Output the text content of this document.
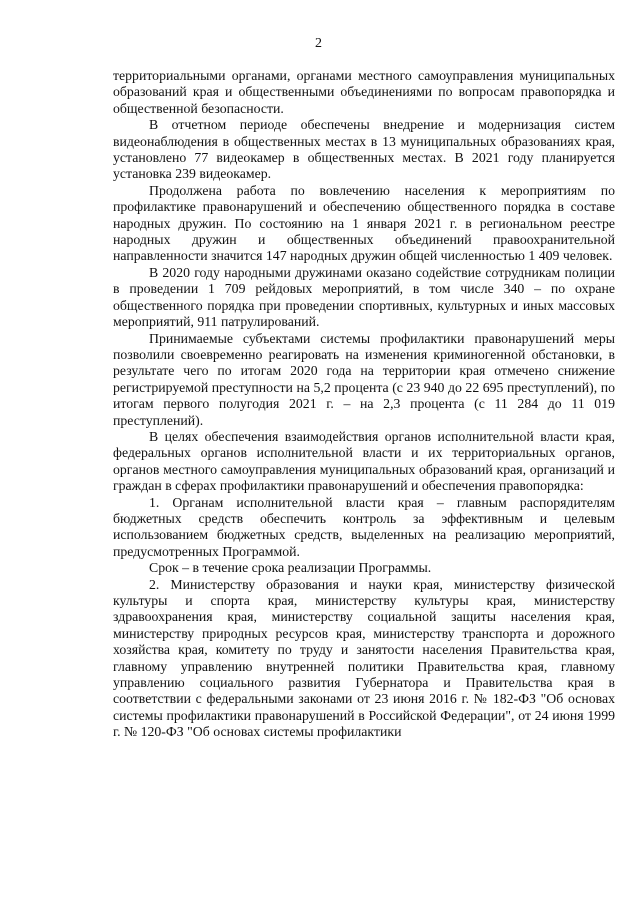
2

территориальными органами, органами местного самоуправления муниципальных образований края и общественными объединениями по вопросам правопорядка и общественной безопасности.

В отчетном периоде обеспечены внедрение и модернизация систем видеонаблюдения в общественных местах в 13 муниципальных образованиях края, установлено 77 видеокамер в общественных местах. В 2021 году планируется установка 239 видеокамер.

Продолжена работа по вовлечению населения к мероприятиям по профилактике правонарушений и обеспечению общественного порядка в составе народных дружин. По состоянию на 1 января 2021 г. в региональном реестре народных дружин и общественных объединений правоохранительной направленности значится 147 народных дружин общей численностью 1 409 человек.

В 2020 году народными дружинами оказано содействие сотрудникам полиции в проведении 1 709 рейдовых мероприятий, в том числе 340 – по охране общественного порядка при проведении спортивных, культурных и иных массовых мероприятий, 911 патрулирований.

Принимаемые субъектами системы профилактики правонарушений меры позволили своевременно реагировать на изменения криминогенной обстановки, в результате чего по итогам 2020 года на территории края отмечено снижение регистрируемой преступности на 5,2 процента (с 23 940 до 22 695 преступлений), по итогам первого полугодия 2021 г. – на 2,3 процента (с 11 284 до 11 019 преступлений).

В целях обеспечения взаимодействия органов исполнительной власти края, федеральных органов исполнительной власти и их территориальных органов, органов местного самоуправления муниципальных образований края, организаций и граждан в сферах профилактики правонарушений и обеспечения правопорядка:

1. Органам исполнительной власти края – главным распорядителям бюджетных средств обеспечить контроль за эффективным и целевым использованием бюджетных средств, выделенных на реализацию мероприятий, предусмотренных Программой.

Срок – в течение срока реализации Программы.

2. Министерству образования и науки края, министерству физической культуры и спорта края, министерству культуры края, министерству здравоохранения края, министерству социальной защиты населения края, министерству природных ресурсов края, министерству транспорта и дорожного хозяйства края, комитету по труду и занятости населения Правительства края, главному управлению внутренней политики Правительства края, главному управлению социального развития Губернатора и Правительства края в соответствии с федеральными законами от 23 июня 2016 г. № 182-ФЗ "Об основах системы профилактики правонарушений в Российской Федерации", от 24 июня 1999 г. № 120-ФЗ "Об основах системы профилактики
